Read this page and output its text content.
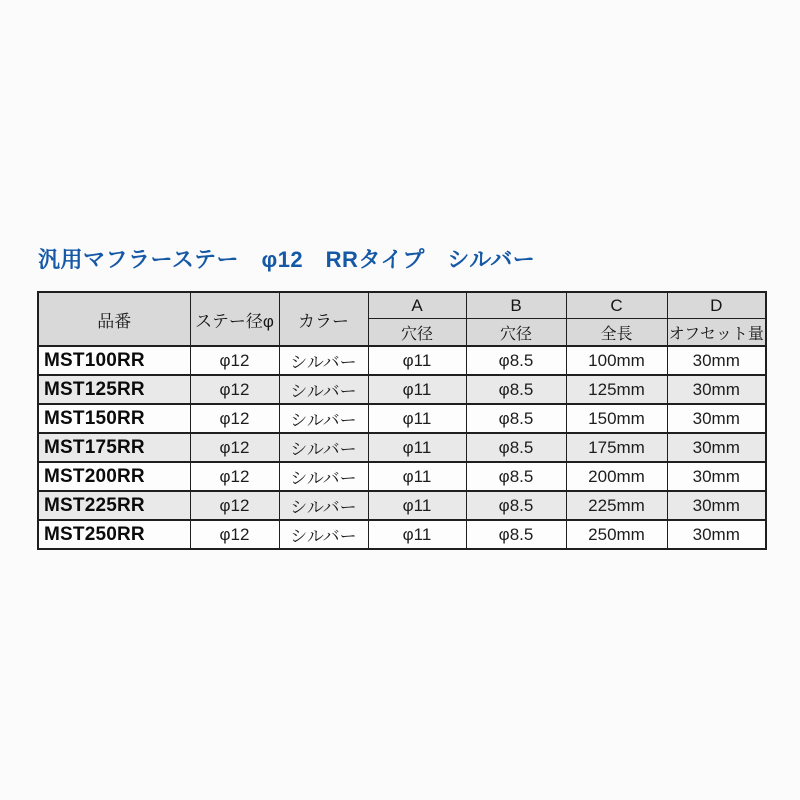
汎用マフラーステー　φ12　RRタイプ　シルバー
品番	ステー径φ	カラー	A	B	C	D
			穴径	穴径	全長	オフセット量
MST100RR	φ12	シルバー	φ11	φ8.5	100mm	30mm
MST125RR	φ12	シルバー	φ11	φ8.5	125mm	30mm
MST150RR	φ12	シルバー	φ11	φ8.5	150mm	30mm
MST175RR	φ12	シルバー	φ11	φ8.5	175mm	30mm
MST200RR	φ12	シルバー	φ11	φ8.5	200mm	30mm
MST225RR	φ12	シルバー	φ11	φ8.5	225mm	30mm
MST250RR	φ12	シルバー	φ11	φ8.5	250mm	30mm
